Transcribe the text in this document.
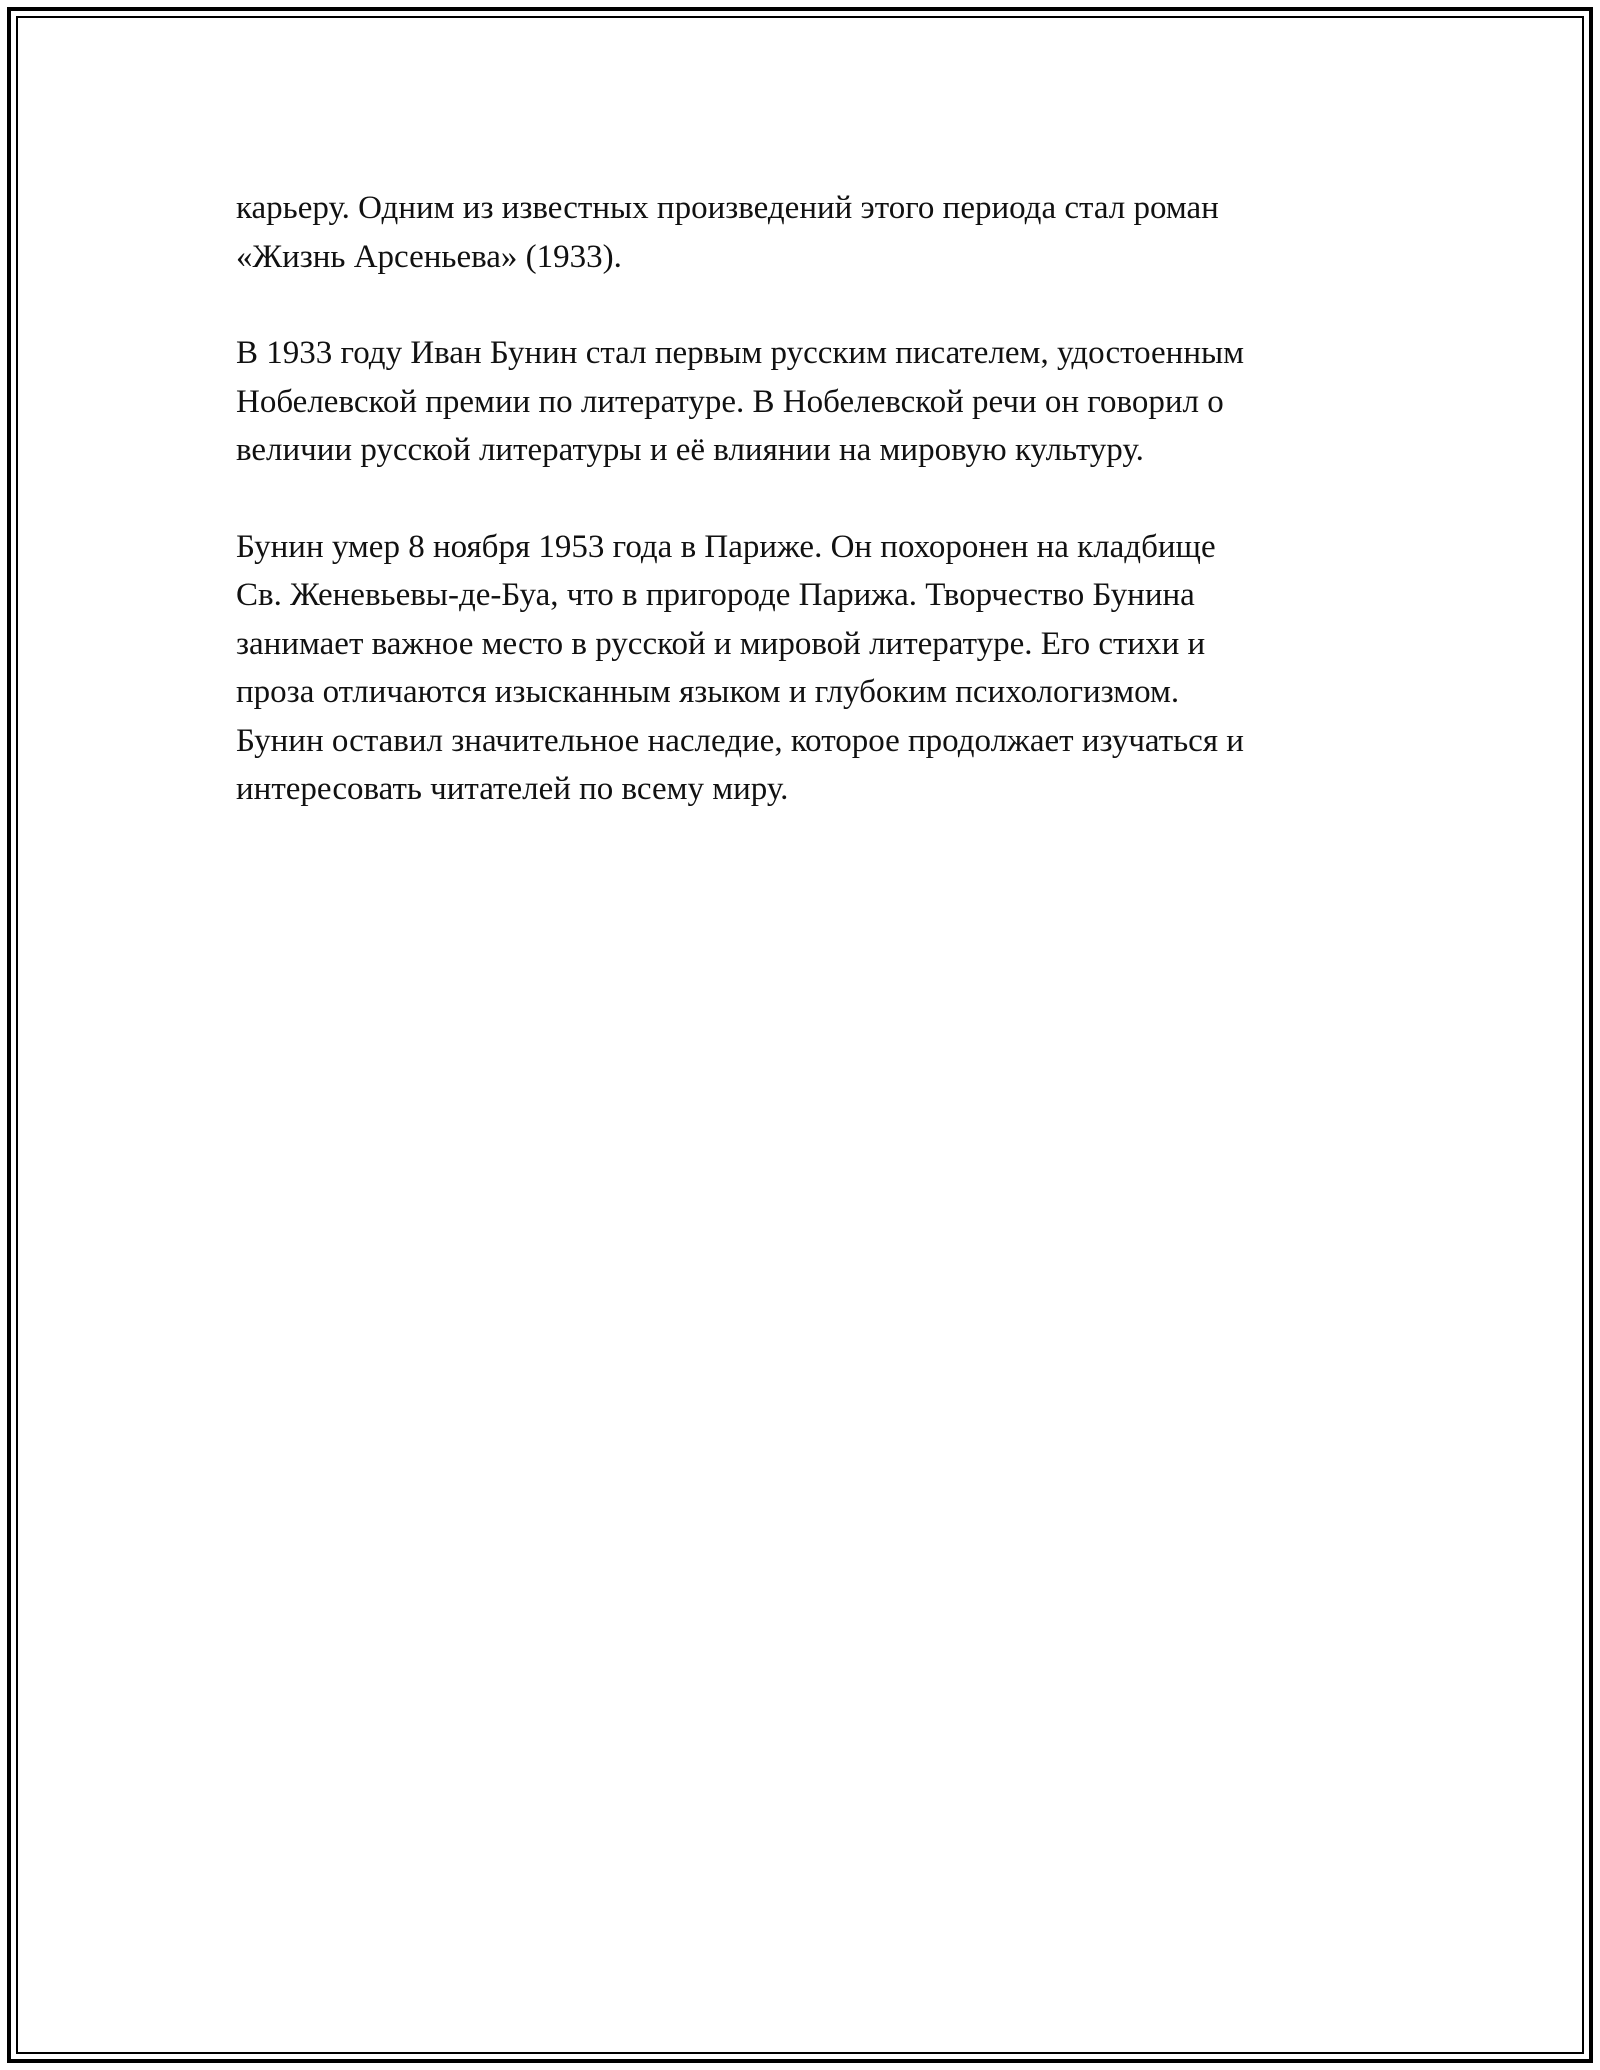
карьеру. Одним из известных произведений этого периода стал роман
«Жизнь Арсеньева» (1933).

В 1933 году Иван Бунин стал первым русским писателем, удостоенным
Нобелевской премии по литературе. В Нобелевской речи он говорил о
величии русской литературы и её влиянии на мировую культуру.

Бунин умер 8 ноября 1953 года в Париже. Он похоронен на кладбище
Св. Женевьевы-де-Буа, что в пригороде Парижа. Творчество Бунина
занимает важное место в русской и мировой литературе. Его стихи и
проза отличаются изысканным языком и глубоким психологизмом.
Бунин оставил значительное наследие, которое продолжает изучаться и
интересовать читателей по всему миру.
